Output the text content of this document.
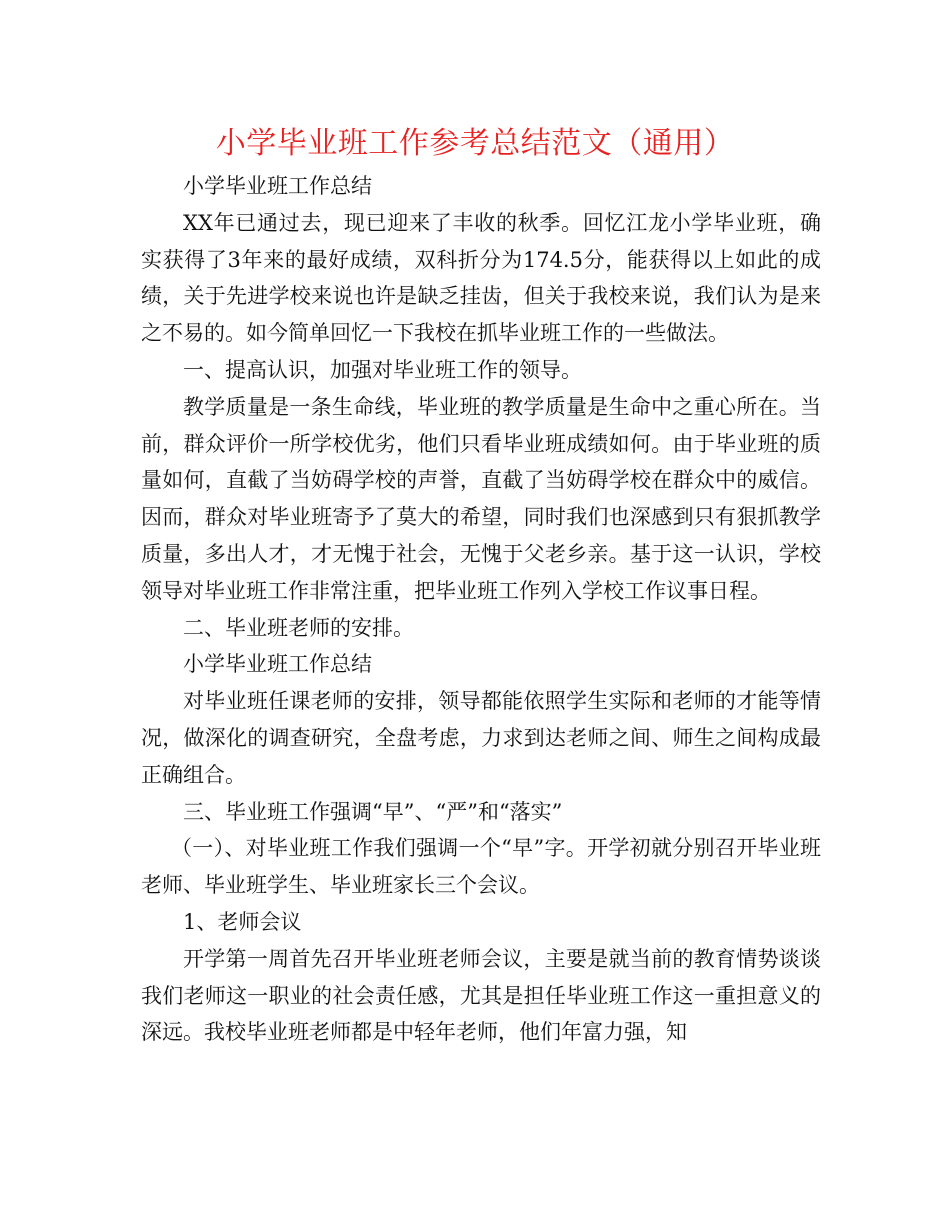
小学毕业班工作参考总结范文（通用）

小学毕业班工作总结

XX年已通过去，现已迎来了丰收的秋季。回忆江龙小学毕业班，确实获得了3年来的最好成绩，双科折分为174.5分，能获得以上如此的成绩，关于先进学校来说也许是缺乏挂齿，但关于我校来说，我们认为是来之不易的。如今简单回忆一下我校在抓毕业班工作的一些做法。

一、提高认识，加强对毕业班工作的领导。

教学质量是一条生命线，毕业班的教学质量是生命中之重心所在。当前，群众评价一所学校优劣，他们只看毕业班成绩如何。由于毕业班的质量如何，直截了当妨碍学校的声誉，直截了当妨碍学校在群众中的威信。因而，群众对毕业班寄予了莫大的希望，同时我们也深感到只有狠抓教学质量，多出人才，才无愧于社会，无愧于父老乡亲。基于这一认识，学校领导对毕业班工作非常注重，把毕业班工作列入学校工作议事日程。

二、毕业班老师的安排。

小学毕业班工作总结

对毕业班任课老师的安排，领导都能依照学生实际和老师的才能等情况，做深化的调查研究，全盘考虑，力求到达老师之间、师生之间构成最正确组合。

三、毕业班工作强调“早”、“严”和“落实”

（一）、对毕业班工作我们强调一个“早”字。开学初就分别召开毕业班老师、毕业班学生、毕业班家长三个会议。

1、老师会议

开学第一周首先召开毕业班老师会议，主要是就当前的教育情势谈谈我们老师这一职业的社会责任感，尤其是担任毕业班工作这一重担意义的深远。我校毕业班老师都是中轻年老师，他们年富力强，知
